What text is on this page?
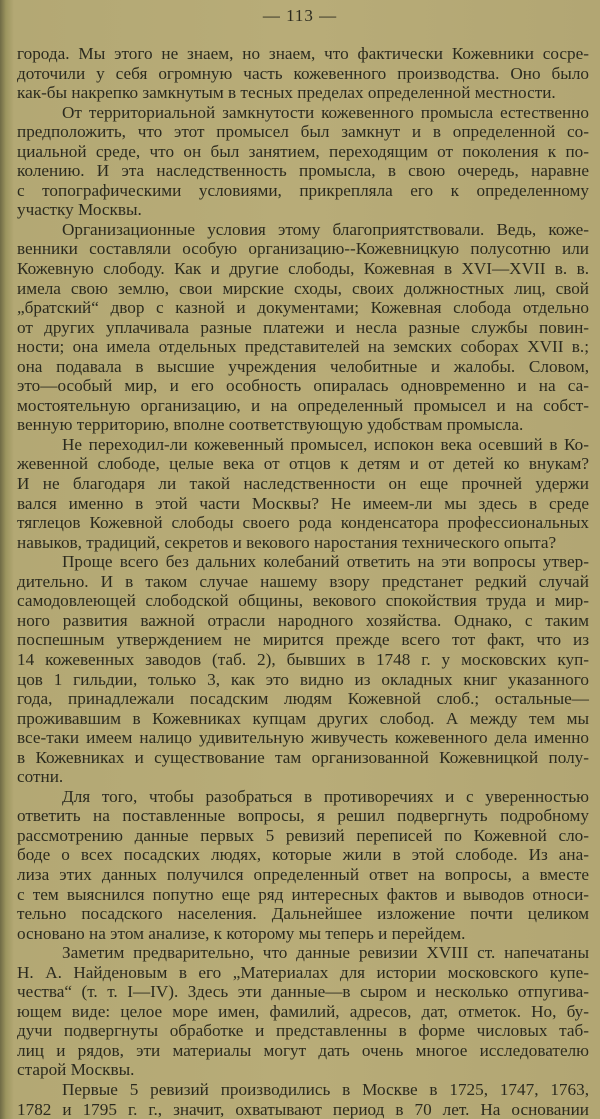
— 113 —
города. Мы этого не знаем, но знаем, что фактически Кожевники сосре-
доточили у себя огромную часть кожевенного производства. Оно было
как-бы накрепко замкнутым в тесных пределах определенной местности.
От территориальной замкнутости кожевенного промысла естественно
предположить, что этот промысел был замкнут и в определенной со-
циальной среде, что он был занятием, переходящим от поколения к по-
колению. И эта наследственность промысла, в свою очередь, наравне
с топографическими условиями, прикрепляла его к определенному
участку Москвы.
Организационные условия этому благоприятствовали. Ведь, коже-
венники составляли особую организацию--Кожевницкую полусотню или
Кожевную слободу. Как и другие слободы, Кожевная в XVI—XVII в. в.
имела свою землю, свои мирские сходы, своих должностных лиц, свой
„братский“ двор с казной и документами; Кожевная слобода отдельно
от других уплачивала разные платежи и несла разные службы повин-
ности; она имела отдельных представителей на земских соборах XVII в.;
она подавала в высшие учреждения челобитные и жалобы. Словом,
это—особый мир, и его особность опиралась одновременно и на са-
мостоятельную организацию, и на определенный промысел и на собст-
венную территорию, вполне соответствующую удобствам промысла.
Не переходил-ли кожевенный промысел, испокон века осевший в Ко-
жевенной слободе, целые века от отцов к детям и от детей ко внукам?
И не благодаря ли такой наследственности он еще прочней удержи
вался именно в этой части Москвы? Не имеем-ли мы здесь в среде
тяглецов Кожевной слободы своего рода конденсатора профессиональных
навыков, традиций, секретов и векового наростания технического опыта?
Проще всего без дальних колебаний ответить на эти вопросы утвер-
дительно. И в таком случае нашему взору предстанет редкий случай
самодовлеющей слободской общины, векового спокойствия труда и мир-
ного развития важной отрасли народного хозяйства. Однако, с таким
поспешным утверждением не мирится прежде всего тот факт, что из
14 кожевенных заводов (таб. 2), бывших в 1748 г. у московских куп-
цов 1 гильдии, только 3, как это видно из окладных книг указанного
года, принадлежали посадским людям Кожевной слоб.; остальные—
проживавшим в Кожевниках купцам других слобод. А между тем мы
все-таки имеем налицо удивительную живучесть кожевенного дела именно
в Кожевниках и существование там организованной Кожевницкой полу-
сотни.
Для того, чтобы разобраться в противоречиях и с уверенностью
ответить на поставленные вопросы, я решил подвергнуть подробному
рассмотрению данные первых 5 ревизий переписей по Кожевной сло-
боде о всех посадских людях, которые жили в этой слободе. Из ана-
лиза этих данных получился определенный ответ на вопросы, а вместе
с тем выяснился попутно еще ряд интересных фактов и выводов относи-
тельно посадского населения. Дальнейшее изложение почти целиком
основано на этом анализе, к которому мы теперь и перейдем.
Заметим предварительно, что данные ревизии XVIII ст. напечатаны
Н. А. Найденовым в его „Материалах для истории московского купе-
чества“ (т. т. I—IV). Здесь эти данные—в сыром и несколько отпугива-
ющем виде: целое море имен, фамилий, адресов, дат, отметок. Но, бу-
дучи подвергнуты обработке и представленны в форме числовых таб-
лиц и рядов, эти материалы могут дать очень многое исследователю
старой Москвы.
Первые 5 ревизий производились в Москве в 1725, 1747, 1763,
1782 и 1795 г. г., значит, охватывают период в 70 лет. На основании
